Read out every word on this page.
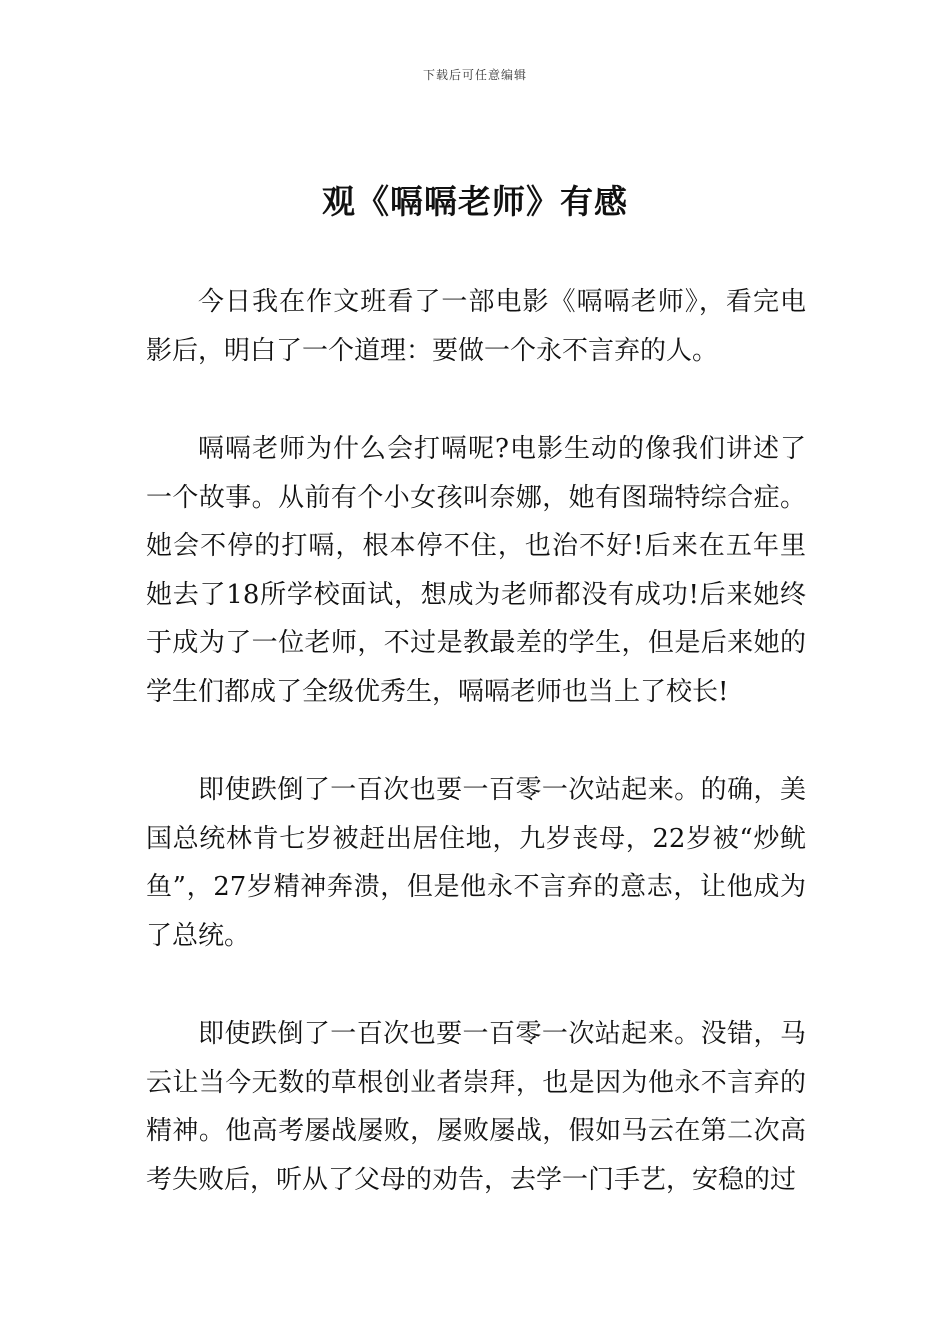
下载后可任意编辑
观《嗝嗝老师》有感

今日我在作文班看了一部电影《嗝嗝老师》，看完电影后，明白了一个道理：要做一个永不言弃的人。

嗝嗝老师为什么会打嗝呢?电影生动的像我们讲述了一个故事。从前有个小女孩叫奈娜，她有图瑞特综合症。她会不停的打嗝，根本停不住，也治不好!后来在五年里她去了18所学校面试，想成为老师都没有成功!后来她终于成为了一位老师，不过是教最差的学生，但是后来她的学生们都成了全级优秀生，嗝嗝老师也当上了校长!

即使跌倒了一百次也要一百零一次站起来。的确，美国总统林肯七岁被赶出居住地，九岁丧母，22岁被“炒鱿鱼”，27岁精神奔溃，但是他永不言弃的意志，让他成为了总统。

即使跌倒了一百次也要一百零一次站起来。没错，马云让当今无数的草根创业者崇拜，也是因为他永不言弃的精神。他高考屡战屡败，屡败屡战，假如马云在第二次高考失败后，听从了父母的劝告，去学一门手艺，安稳的过
